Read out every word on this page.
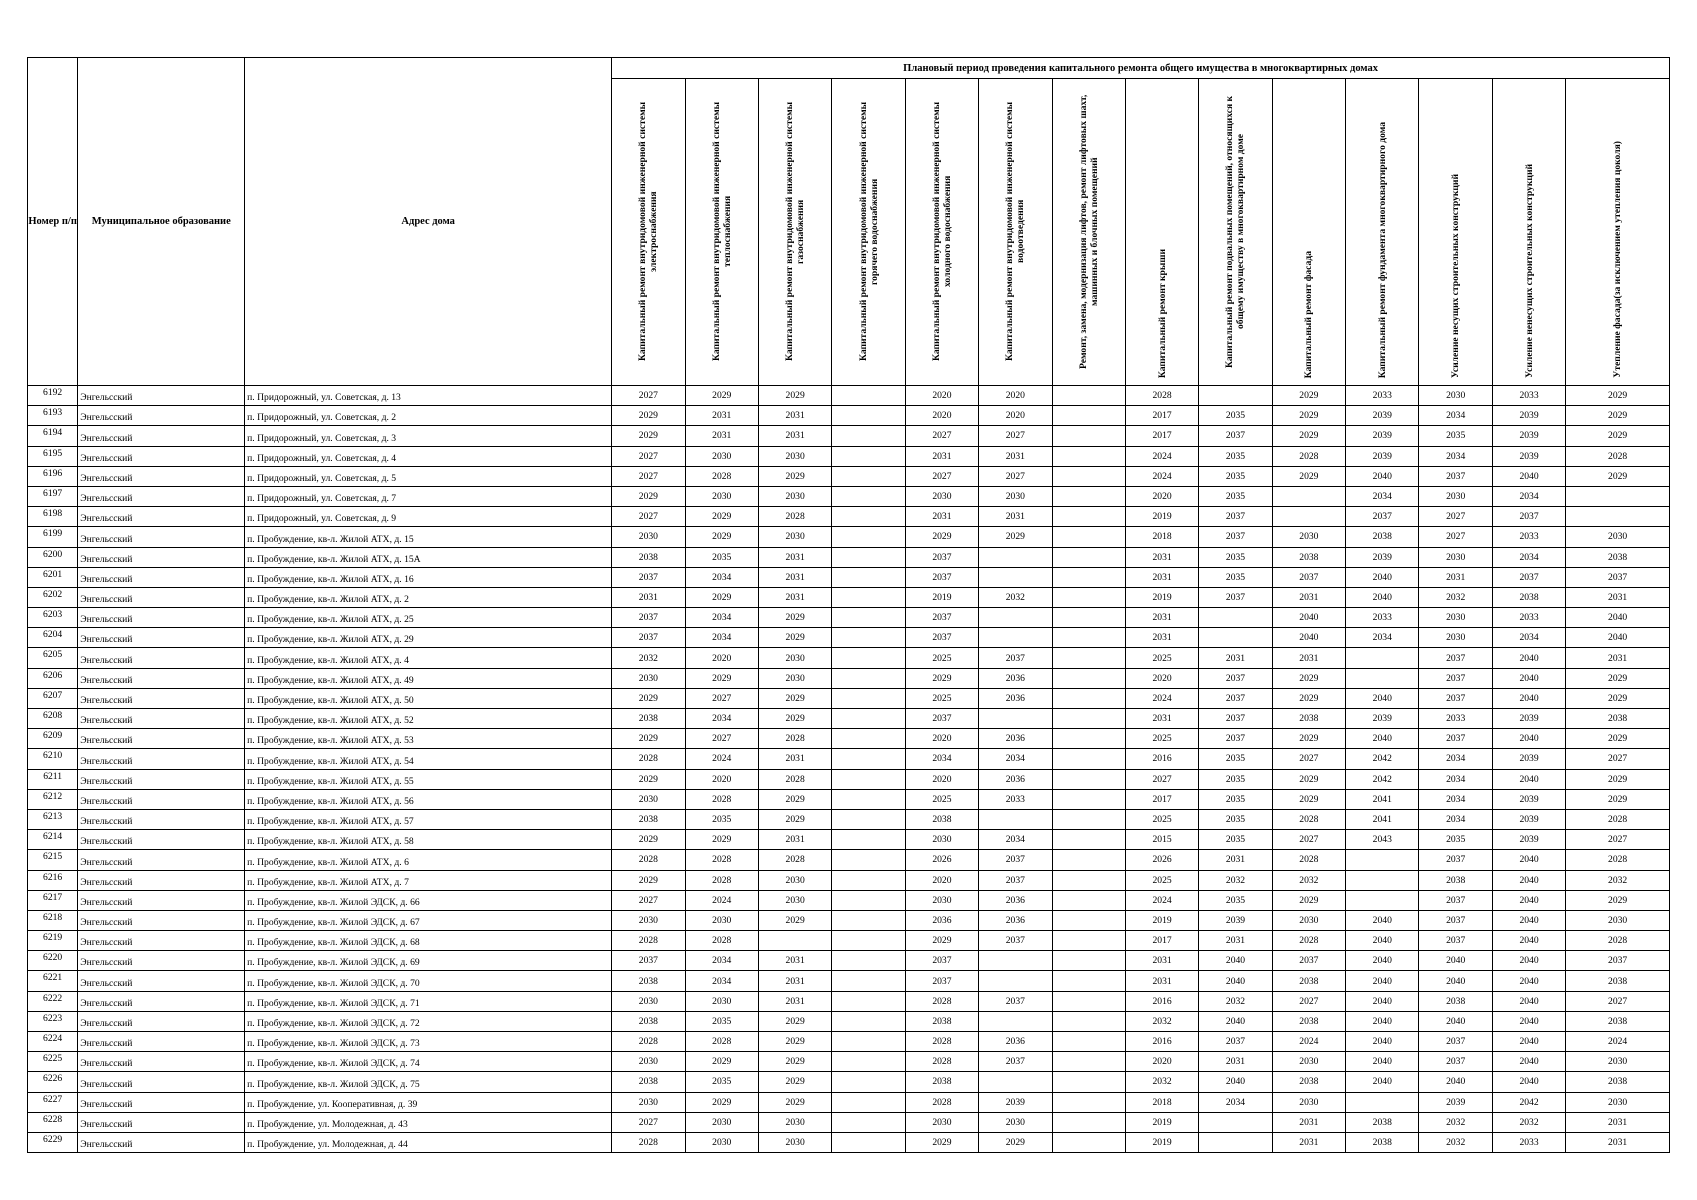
Номер п/п	Муниципальное образование	Адрес дома	Плановый период проведения капитального ремонта общего имущества в многоквартирных домах													
			Капитальный ремонт внутридомовой инженерной системы электроснабжения	Капитальный ремонт внутридомовой инженерной системы теплоснабжения	Капитальный ремонт внутридомовой инженерной системы газоснабжения	Капитальный ремонт внутридомовой инженерной системы горячего водоснабжения	Капитальный ремонт внутридомовой инженерной системы холодного водоснабжения	Капитальный ремонт внутридомовой инженерной системы водоотведения	Ремонт, замена, модернизация лифтов, ремонт лифтовых шахт, машинных и блочных помещений	Капитальный ремонт крыши	Капитальный ремонт подвальных помещений, относящихся к общему имуществу в многоквартирном доме	Капитальный ремонт фасада	Капитальный ремонт фундамента многоквартирного дома	Усиление несущих строительных конструкций	Усиление ненесущих строительных конструкций	Утепление фасада(за исключением утепления цоколя)
6192	Энгельсский	п. Придорожный, ул. Советская, д. 13	2027	2029	2029		2020	2020		2028		2029	2033	2030	2033	2029
6193	Энгельсский	п. Придорожный, ул. Советская, д. 2	2029	2031	2031		2020	2020		2017	2035	2029	2039	2034	2039	2029
6194	Энгельсский	п. Придорожный, ул. Советская, д. 3	2029	2031	2031		2027	2027		2017	2037	2029	2039	2035	2039	2029
6195	Энгельсский	п. Придорожный, ул. Советская, д. 4	2027	2030	2030		2031	2031		2024	2035	2028	2039	2034	2039	2028
6196	Энгельсский	п. Придорожный, ул. Советская, д. 5	2027	2028	2029		2027	2027		2024	2035	2029	2040	2037	2040	2029
6197	Энгельсский	п. Придорожный, ул. Советская, д. 7	2029	2030	2030		2030	2030		2020	2035		2034	2030	2034	
6198	Энгельсский	п. Придорожный, ул. Советская, д. 9	2027	2029	2028		2031	2031		2019	2037		2037	2027	2037	
6199	Энгельсский	п. Пробуждение, кв-л. Жилой АТХ, д. 15	2030	2029	2030		2029	2029		2018	2037	2030	2038	2027	2033	2030
6200	Энгельсский	п. Пробуждение, кв-л. Жилой АТХ, д. 15А	2038	2035	2031		2037			2031	2035	2038	2039	2030	2034	2038
6201	Энгельсский	п. Пробуждение, кв-л. Жилой АТХ, д. 16	2037	2034	2031		2037			2031	2035	2037	2040	2031	2037	2037
6202	Энгельсский	п. Пробуждение, кв-л. Жилой АТХ, д. 2	2031	2029	2031		2019	2032		2019	2037	2031	2040	2032	2038	2031
6203	Энгельсский	п. Пробуждение, кв-л. Жилой АТХ, д. 25	2037	2034	2029		2037			2031		2040	2033	2030	2033	2040
6204	Энгельсский	п. Пробуждение, кв-л. Жилой АТХ, д. 29	2037	2034	2029		2037			2031		2040	2034	2030	2034	2040
6205	Энгельсский	п. Пробуждение, кв-л. Жилой АТХ, д. 4	2032	2020	2030		2025	2037		2025	2031	2031		2037	2040	2031
6206	Энгельсский	п. Пробуждение, кв-л. Жилой АТХ, д. 49	2030	2029	2030		2029	2036		2020	2037	2029		2037	2040	2029
6207	Энгельсский	п. Пробуждение, кв-л. Жилой АТХ, д. 50	2029	2027	2029		2025	2036		2024	2037	2029	2040	2037	2040	2029
6208	Энгельсский	п. Пробуждение, кв-л. Жилой АТХ, д. 52	2038	2034	2029		2037			2031	2037	2038	2039	2033	2039	2038
6209	Энгельсский	п. Пробуждение, кв-л. Жилой АТХ, д. 53	2029	2027	2028		2020	2036		2025	2037	2029	2040	2037	2040	2029
6210	Энгельсский	п. Пробуждение, кв-л. Жилой АТХ, д. 54	2028	2024	2031		2034	2034		2016	2035	2027	2042	2034	2039	2027
6211	Энгельсский	п. Пробуждение, кв-л. Жилой АТХ, д. 55	2029	2020	2028		2020	2036		2027	2035	2029	2042	2034	2040	2029
6212	Энгельсский	п. Пробуждение, кв-л. Жилой АТХ, д. 56	2030	2028	2029		2025	2033		2017	2035	2029	2041	2034	2039	2029
6213	Энгельсский	п. Пробуждение, кв-л. Жилой АТХ, д. 57	2038	2035	2029		2038			2025	2035	2028	2041	2034	2039	2028
6214	Энгельсский	п. Пробуждение, кв-л. Жилой АТХ, д. 58	2029	2029	2031		2030	2034		2015	2035	2027	2043	2035	2039	2027
6215	Энгельсский	п. Пробуждение, кв-л. Жилой АТХ, д. 6	2028	2028	2028		2026	2037		2026	2031	2028		2037	2040	2028
6216	Энгельсский	п. Пробуждение, кв-л. Жилой АТХ, д. 7	2029	2028	2030		2020	2037		2025	2032	2032		2038	2040	2032
6217	Энгельсский	п. Пробуждение, кв-л. Жилой ЭДСК, д. 66	2027	2024	2030		2030	2036		2024	2035	2029		2037	2040	2029
6218	Энгельсский	п. Пробуждение, кв-л. Жилой ЭДСК, д. 67	2030	2030	2029		2036	2036		2019	2039	2030	2040	2037	2040	2030
6219	Энгельсский	п. Пробуждение, кв-л. Жилой ЭДСК, д. 68	2028	2028			2029	2037		2017	2031	2028	2040	2037	2040	2028
6220	Энгельсский	п. Пробуждение, кв-л. Жилой ЭДСК, д. 69	2037	2034	2031		2037			2031	2040	2037	2040	2040	2040	2037
6221	Энгельсский	п. Пробуждение, кв-л. Жилой ЭДСК, д. 70	2038	2034	2031		2037			2031	2040	2038	2040	2040	2040	2038
6222	Энгельсский	п. Пробуждение, кв-л. Жилой ЭДСК, д. 71	2030	2030	2031		2028	2037		2016	2032	2027	2040	2038	2040	2027
6223	Энгельсский	п. Пробуждение, кв-л. Жилой ЭДСК, д. 72	2038	2035	2029		2038			2032	2040	2038	2040	2040	2040	2038
6224	Энгельсский	п. Пробуждение, кв-л. Жилой ЭДСК, д. 73	2028	2028	2029		2028	2036		2016	2037	2024	2040	2037	2040	2024
6225	Энгельсский	п. Пробуждение, кв-л. Жилой ЭДСК, д. 74	2030	2029	2029		2028	2037		2020	2031	2030	2040	2037	2040	2030
6226	Энгельсский	п. Пробуждение, кв-л. Жилой ЭДСК, д. 75	2038	2035	2029		2038			2032	2040	2038	2040	2040	2040	2038
6227	Энгельсский	п. Пробуждение, ул. Кооперативная, д. 39	2030	2029	2029		2028	2039		2018	2034	2030		2039	2042	2030
6228	Энгельсский	п. Пробуждение, ул. Молодежная, д. 43	2027	2030	2030		2030	2030		2019		2031	2038	2032	2032	2031
6229	Энгельсский	п. Пробуждение, ул. Молодежная, д. 44	2028	2030	2030		2029	2029		2019		2031	2038	2032	2033	2031
